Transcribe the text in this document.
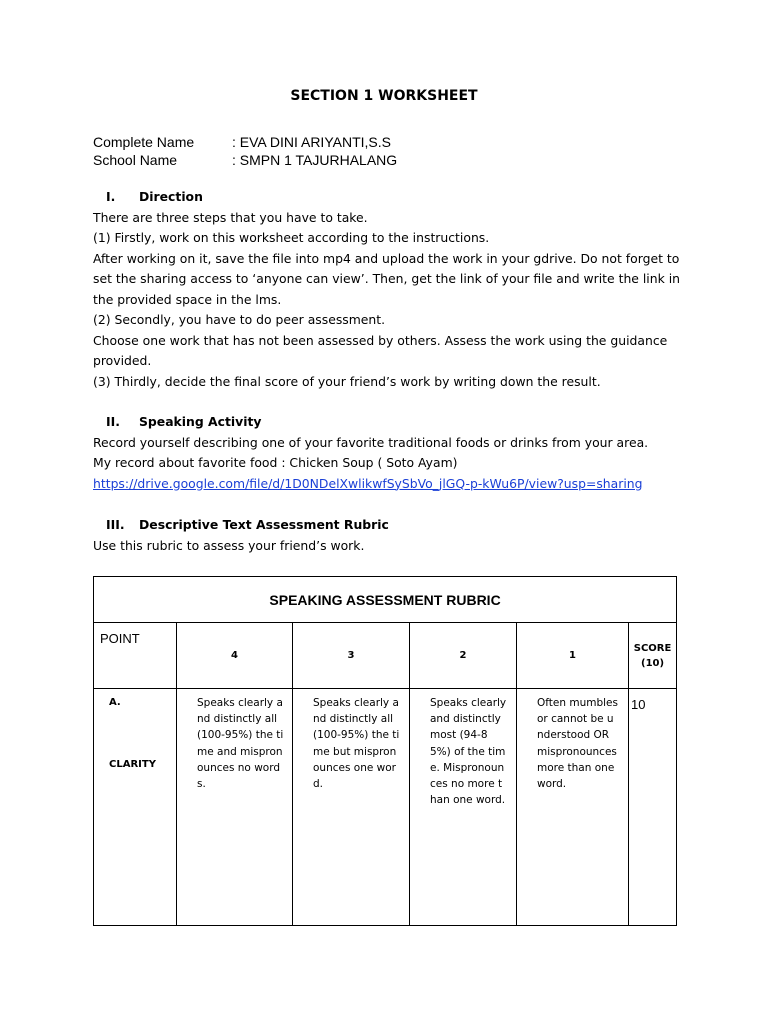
SECTION 1 WORKSHEET
Complete Name	: EVA DINI ARIYANTI,S.S
School Name	: SMPN 1 TAJURHALANG
I. Direction

There are three steps that you have to take.

(1) Firstly, work on this worksheet according to the instructions.

After working on it, save the file into mp4 and upload the work in your gdrive. Do not forget to set the sharing access to ‘anyone can view’. Then, get the link of your file and write the link in the provided space in the lms.

(2) Secondly, you have to do peer assessment.

Choose one work that has not been assessed by others. Assess the work using the guidance provided.

(3) Thirdly, decide the final score of your friend’s work by writing down the result.

II. Speaking Activity

Record yourself describing one of your favorite traditional foods or drinks from your area.

My record about favorite food : Chicken Soup ( Soto Ayam)

https://drive.google.com/file/d/1D0NDelXwlikwfSySbVo_jlGQ-p-kWu6P/view?usp=sharing

III. Descriptive Text Assessment Rubric

Use this rubric to assess your friend’s work.

SPEAKING ASSESSMENT RUBRIC					
POINT	4	3	2	1	SCORE
(10)

A.
CLARITY	Speaks clearly and distinctly all (100-95%) the time and mispronounces no words.	Speaks clearly and distinctly all (100-95%) the time but mispronounces one word.	Speaks clearly and distinctly most (94-85%) of the time. Mispronounces no more than one word.	Often mumbles or cannot be understood OR mispronounces more than one word.	10
